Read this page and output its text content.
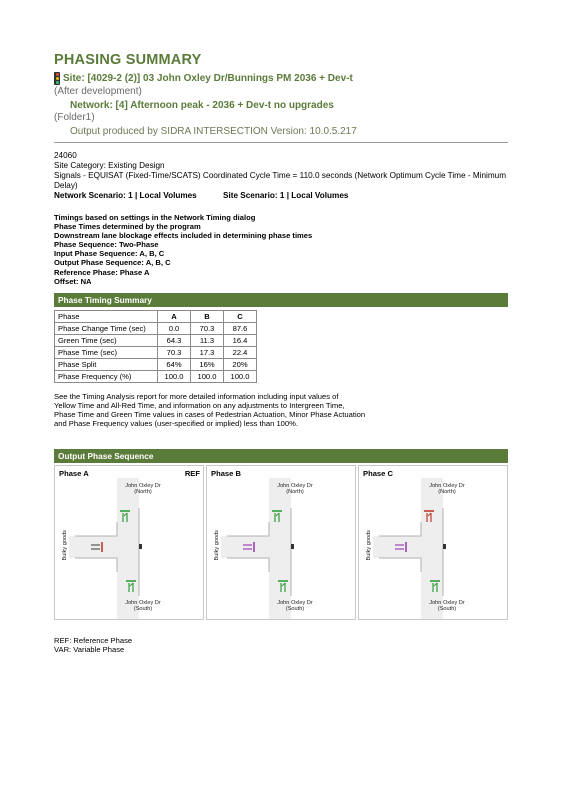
PHASING SUMMARY
Site: [4029-2 (2)] 03 John Oxley Dr/Bunnings PM 2036 + Dev-t
(After development)
Network: [4] Afternoon peak - 2036 + Dev-t no upgrades
(Folder1)
Output produced by SIDRA INTERSECTION Version: 10.0.5.217
24060
Site Category: Existing Design
Signals - EQUISAT (Fixed-Time/SCATS) Coordinated Cycle Time = 110.0 seconds (Network Optimum Cycle Time - Minimum Delay)
Network Scenario: 1 | Local Volumes	Site Scenario: 1 | Local Volumes
Timings based on settings in the Network Timing dialog
Phase Times determined by the program
Downstream lane blockage effects included in determining phase times
Phase Sequence: Two-Phase
Input Phase Sequence: A, B, C
Output Phase Sequence: A, B, C
Reference Phase: Phase A
Offset: NA
Phase Timing Summary
Phase	A	B	C
Phase Change Time (sec)	0.0	70.3	87.6
Green Time (sec)	64.3	11.3	16.4
Phase Time (sec)	70.3	17.3	22.4
Phase Split	64%	16%	20%
Phase Frequency (%)	100.0	100.0	100.0
See the Timing Analysis report for more detailed information including input values of
Yellow Time and All-Red Time, and information on any adjustments to Intergreen Time,
Phase Time and Green Time values in cases of Pedestrian Actuation, Minor Phase Actuation
and Phase Frequency values (user-specified or implied) less than 100%.
Output Phase Sequence
Phase A	REF
John Oxley Dr
(North)
John Oxley Dr
(South)
Bulky goods
Phase B
John Oxley Dr
(North)
John Oxley Dr
(South)
Bulky goods
Phase C
John Oxley Dr
(North)
John Oxley Dr
(South)
Bulky goods
REF: Reference Phase
VAR: Variable Phase
